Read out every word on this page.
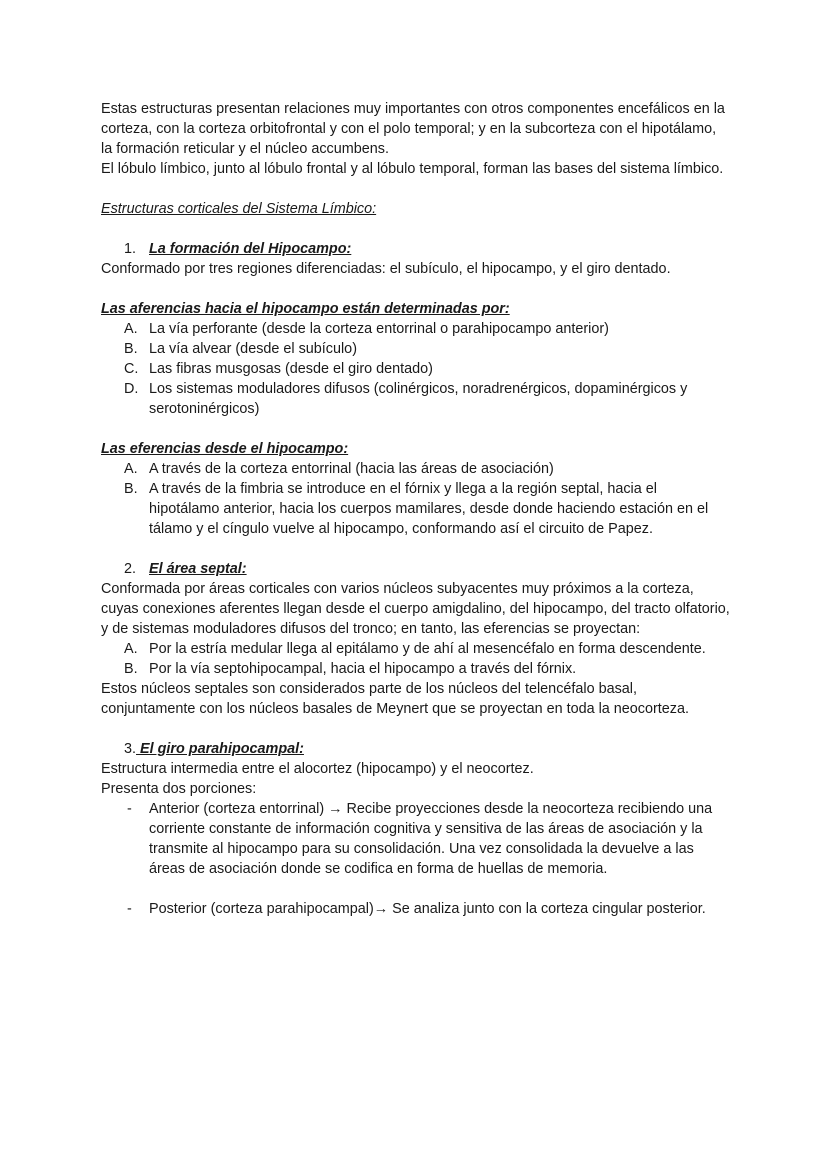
Estas estructuras presentan relaciones muy importantes con otros componentes encefálicos en la corteza, con la corteza orbitofrontal y con el polo temporal; y en la subcorteza con el hipotálamo, la formación reticular y el núcleo accumbens.

El lóbulo límbico, junto al lóbulo frontal y al lóbulo temporal, forman las bases del sistema límbico.

Estructuras corticales del Sistema Límbico:

1. La formación del Hipocampo:

Conformado por tres regiones diferenciadas: el subículo, el hipocampo, y el giro dentado.

Las aferencias hacia el hipocampo están determinadas por:

A. La vía perforante (desde la corteza entorrinal o parahipocampo anterior)
B. La vía alvear (desde el subículo)
C. Las fibras musgosas (desde el giro dentado)
D. Los sistemas moduladores difusos (colinérgicos, noradrenérgicos, dopaminérgicos y serotoninérgicos)

Las eferencias desde el hipocampo:

A. A través de la corteza entorrinal (hacia las áreas de asociación)
B. A través de la fimbria se introduce en el fórnix y llega a la región septal, hacia el hipotálamo anterior, hacia los cuerpos mamilares, desde donde haciendo estación en el tálamo y el cíngulo vuelve al hipocampo, conformando así el circuito de Papez.

2. El área septal:

Conformada por áreas corticales con varios núcleos subyacentes muy próximos a la corteza, cuyas conexiones aferentes llegan desde el cuerpo amigdalino, del hipocampo, del tracto olfatorio, y de sistemas moduladores difusos del tronco; en tanto, las eferencias se proyectan:

A. Por la estría medular llega al epitálamo y de ahí al mesencéfalo en forma descendente.
B. Por la vía septohipocampal, hacia el hipocampo a través del fórnix.

Estos núcleos septales son considerados parte de los núcleos del telencéfalo basal, conjuntamente con los núcleos basales de Meynert que se proyectan en toda la neocorteza.

3. El giro parahipocampal:

Estructura intermedia entre el alocortez (hipocampo) y el neocortez.

Presenta dos porciones:

- Anterior (corteza entorrinal) → Recibe proyecciones desde la neocorteza recibiendo una corriente constante de información cognitiva y sensitiva de las áreas de asociación y la transmite al hipocampo para su consolidación. Una vez consolidada la devuelve a las áreas de asociación donde se codifica en forma de huellas de memoria.
- Posterior (corteza parahipocampal)→ Se analiza junto con la corteza cingular posterior.
